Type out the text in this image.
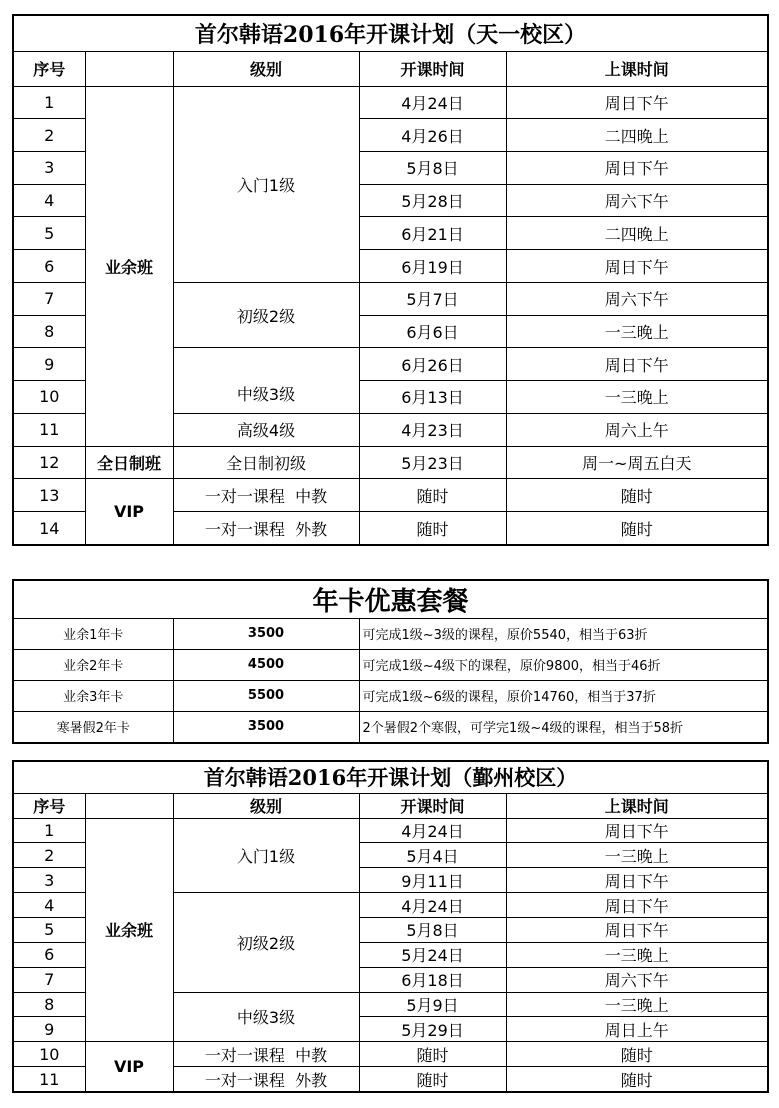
首尔韩语2016年开课计划（天一校区）				
序号		级别	开课时间	上课时间
1	业余班	入门1级	4月24日	周日下午
2			4月26日	二四晚上
3			5月8日	周日下午
4			5月28日	周六下午
5			6月21日	二四晚上
6			6月19日	周日下午
7		初级2级	5月7日	周六下午
8			6月6日	一三晚上
9		中级3级	6月26日	周日下午
10			6月13日	一三晚上
11		高级4级	4月23日	周六上午
12	全日制班	全日制初级	5月23日	周一~周五白天
13	VIP	一对一课程  中教	随时	随时
14		一对一课程  外教	随时	随时
年卡优惠套餐		
业余1年卡	3500	可完成1级~3级的课程，原价5540，相当于63折
业余2年卡	4500	可完成1级~4级下的课程，原价9800，相当于46折
业余3年卡	5500	可完成1级~6级的课程，原价14760，相当于37折
寒暑假2年卡	3500	2个暑假2个寒假，可学完1级~4级的课程，相当于58折
首尔韩语2016年开课计划（鄞州校区）				
序号		级别	开课时间	上课时间
1	业余班	入门1级	4月24日	周日下午
2			5月4日	一三晚上
3			9月11日	周日下午
4		初级2级	4月24日	周日下午
5			5月8日	周日下午
6			5月24日	一三晚上
7			6月18日	周六下午
8		中级3级	5月9日	一三晚上
9			5月29日	周日上午
10	VIP	一对一课程  中教	随时	随时
11		一对一课程  外教	随时	随时
